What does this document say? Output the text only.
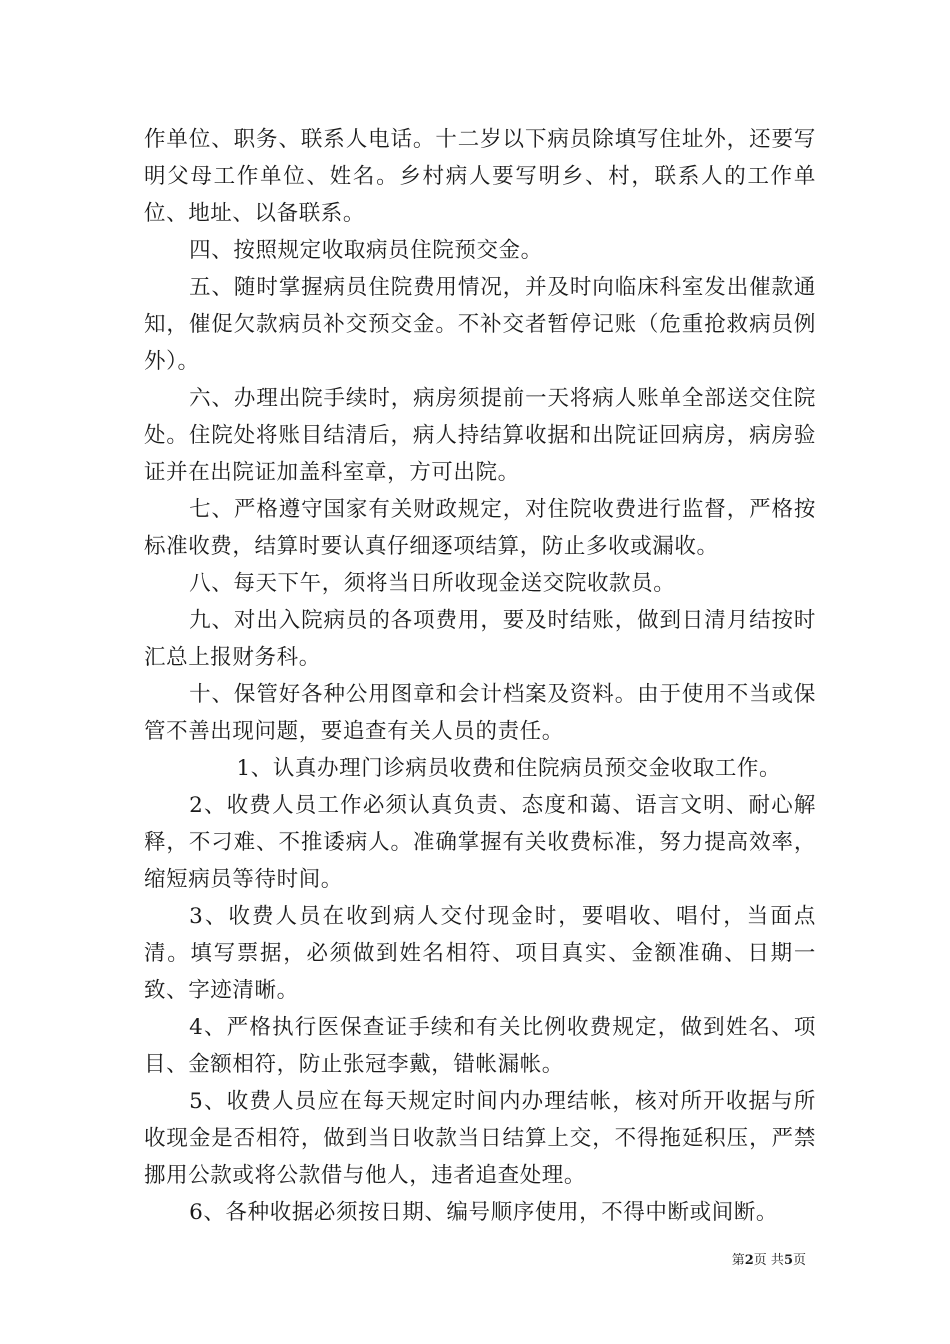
作单位、职务、联系人电话。十二岁以下病员除填写住址外，还要写明父母工作单位、姓名。乡村病人要写明乡、村，联系人的工作单位、地址、以备联系。

四、按照规定收取病员住院预交金。

五、随时掌握病员住院费用情况，并及时向临床科室发出催款通知，催促欠款病员补交预交金。不补交者暂停记账（危重抢救病员例外）。

六、办理出院手续时，病房须提前一天将病人账单全部送交住院处。住院处将账目结清后，病人持结算收据和出院证回病房，病房验证并在出院证加盖科室章，方可出院。

七、严格遵守国家有关财政规定，对住院收费进行监督，严格按标准收费，结算时要认真仔细逐项结算，防止多收或漏收。

八、每天下午，须将当日所收现金送交院收款员。

九、对出入院病员的各项费用，要及时结账，做到日清月结按时汇总上报财务科。

十、保管好各种公用图章和会计档案及资料。由于使用不当或保管不善出现问题，要追查有关人员的责任。

1、认真办理门诊病员收费和住院病员预交金收取工作。

2、收费人员工作必须认真负责、态度和蔼、语言文明、耐心解释，不刁难、不推诿病人。准确掌握有关收费标准，努力提高效率，缩短病员等待时间。

3、收费人员在收到病人交付现金时，要唱收、唱付，当面点清。填写票据，必须做到姓名相符、项目真实、金额准确、日期一致、字迹清晰。

4、严格执行医保查证手续和有关比例收费规定，做到姓名、项目、金额相符，防止张冠李戴，错帐漏帐。

5、收费人员应在每天规定时间内办理结帐，核对所开收据与所收现金是否相符，做到当日收款当日结算上交，不得拖延积压，严禁挪用公款或将公款借与他人，违者追查处理。

6、各种收据必须按日期、编号顺序使用，不得中断或间断。

第2页 共5页
